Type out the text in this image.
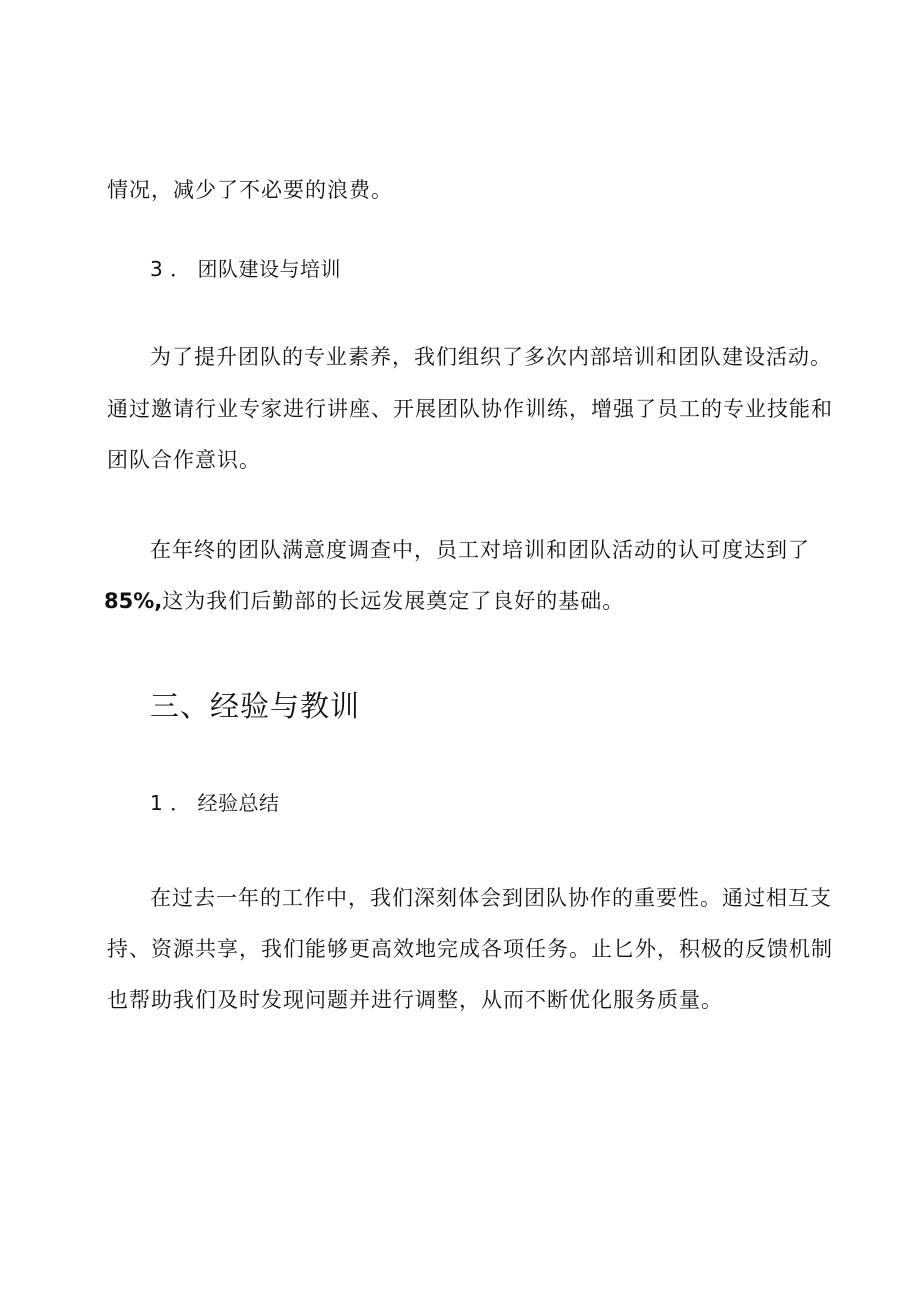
情况，减少了不必要的浪费。
3 ． 团队建设与培训
为了提升团队的专业素养，我们组织了多次内部培训和团队建设活动。
通过邀请行业专家进行讲座、开展团队协作训练，增强了员工的专业技能和
团队合作意识。
在年终的团队满意度调查中，员工对培训和团队活动的认可度达到了
85%,这为我们后勤部的长远发展奠定了良好的基础。
三、经验与教训
1 ． 经验总结
在过去一年的工作中，我们深刻体会到团队协作的重要性。通过相互支
持、资源共享，我们能够更高效地完成各项任务。止匕外，积极的反馈机制
也帮助我们及时发现问题并进行调整，从而不断优化服务质量。
